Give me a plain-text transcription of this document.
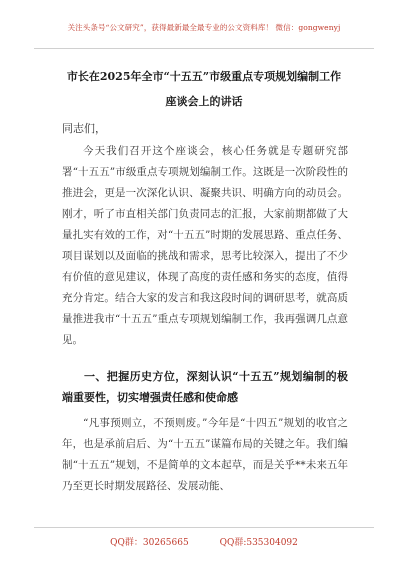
关注头条号“公文研究”，获得最新最全最专业的公文资料库！ 微信：gongwenyj
市长在2025年全市“十五五”市级重点专项规划编制工作
座谈会上的讲话
同志们，

今天我们召开这个座谈会，核心任务就是专题研究部署“十五五”市级重点专项规划编制工作。这既是一次阶段性的推进会，更是一次深化认识、凝聚共识、明确方向的动员会。刚才，听了市直相关部门负责同志的汇报，大家前期都做了大量扎实有效的工作，对“十五五”时期的发展思路、重点任务、项目谋划以及面临的挑战和需求，思考比较深入，提出了不少有价值的意见建议，体现了高度的责任感和务实的态度，值得充分肯定。结合大家的发言和我这段时间的调研思考，就高质量推进我市“十五五”重点专项规划编制工作，我再强调几点意见。

一、把握历史方位，深刻认识“十五五”规划编制的极端重要性，切实增强责任感和使命感

“凡事预则立，不预则废。”今年是“十四五”规划的收官之年，也是承前启后、为“十五五”谋篇布局的关键之年。我们编制“十五五”规划，不是简单的文本起草，而是关乎**未来五年乃至更长时期发展路径、发展动能、

QQ群：30265665	QQ群:535304092
